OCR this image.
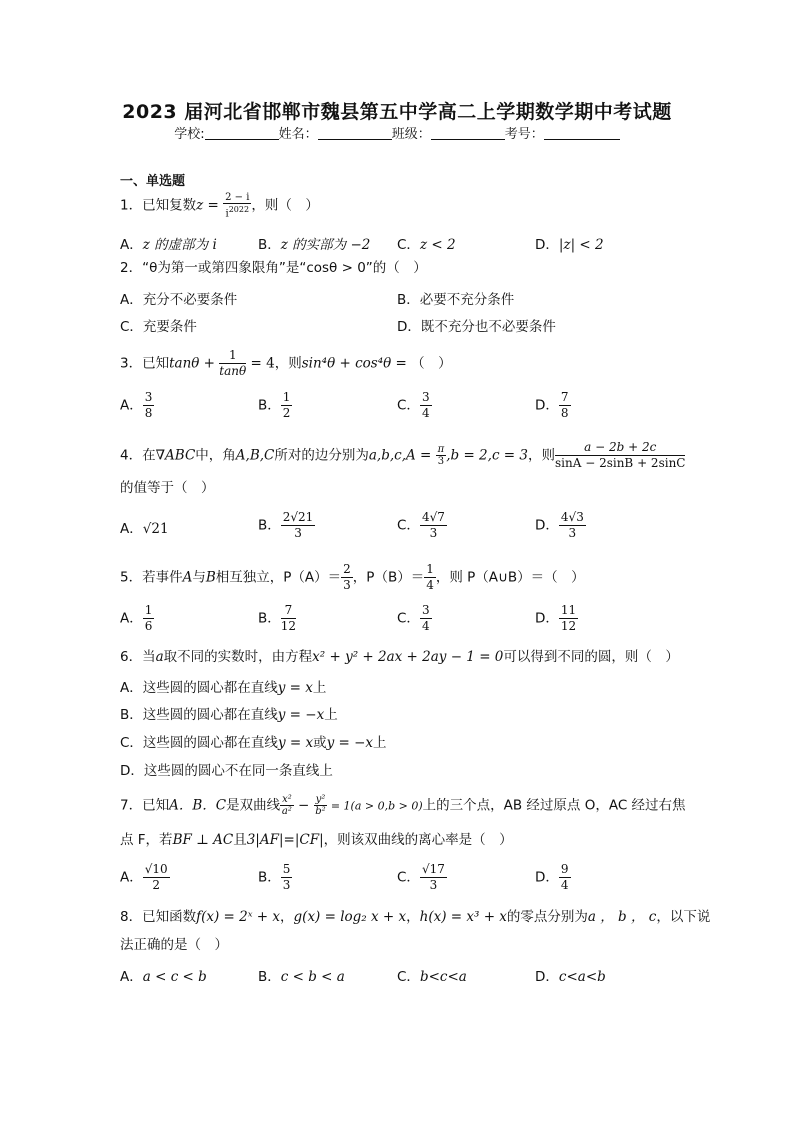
2023 届河北省邯郸市魏县第五中学高二上学期数学期中考试题
学校:	姓名：	班级：	考号：
一、单选题
1．已知复数$z = \frac{2 - i}{i^{2022}}$ ，则（　）
A．z 的虚部为 i	B．z 的实部为 −2 C．z < 2	D．|z| < 2
2．“θ为第一或第四象限角”是“cosθ > 0”的（　）
A．充分不必要条件	B．必要不充分条件
C．充要条件	D．既不充分也不必要条件
3．已知$\tan\theta + \frac{1}{\tan\theta} = 4$，则sin⁴θ + cos⁴θ = （　）
A． $\frac{3}{8}$	B． $\frac{1}{2}$	C． $\frac{3}{4}$	D． $\frac{7}{8}$
4．在∇ABC中，角A,B,C所对的边分别为$a,b,c,A = \frac{\pi}{3} ,b = 2,c = 3$，则 $\frac{a - 2b + 2c}{\sin A - 2\sin B + 2\sin C}$
的值等于（　）
A．√21	B． $\frac{2√21}{3}$	C． $\frac{4√7}{3}$	D． $\frac{4√3}{3}$
5．若事件A与B相互独立，$P(A)= \frac{2}{3}$ ，$P(B)= \frac{1}{4}$ ，则 P（A∪B）＝（　）
A． $\frac{1}{6}$	B． $\frac{7}{12}$	C． $\frac{3}{4}$	D． $\frac{11}{12}$
6．当a取不同的实数时，由方程x² + y² + 2ax + 2ay − 1 = 0可以得到不同的圆，则（　）
A．这些圆的圆心都在直线y = x上
B．这些圆的圆心都在直线y = −x上
C．这些圆的圆心都在直线y = x或y = −x上
D．这些圆的圆心不在同一条直线上
7．已知A．B．C是双曲线 $\frac{\text{x²}}{\text{a²}} - \frac{\text{y²}}{\text{b²}} = 1(a > 0,b > 0)$上的三个点，AB 经过原点 O，AC 经过右焦
点 F，若BF ⊥ AC且3|AF|=|CF|，则该双曲线的离心率是（　）
A． $\frac{√10}{2}$	B． $\frac{5}{3}$	C． $\frac{√17}{3}$	D． $\frac{9}{4}$
8．已知函数f(x) = 2ˣ + x，g(x) = log₂ x + x，h(x) = x³ + x的零点分别为a ， b ， c，以下说
法正确的是（　）
A．a < c < b	B．c < b < a	C．b<c<a	D．c<a<b
